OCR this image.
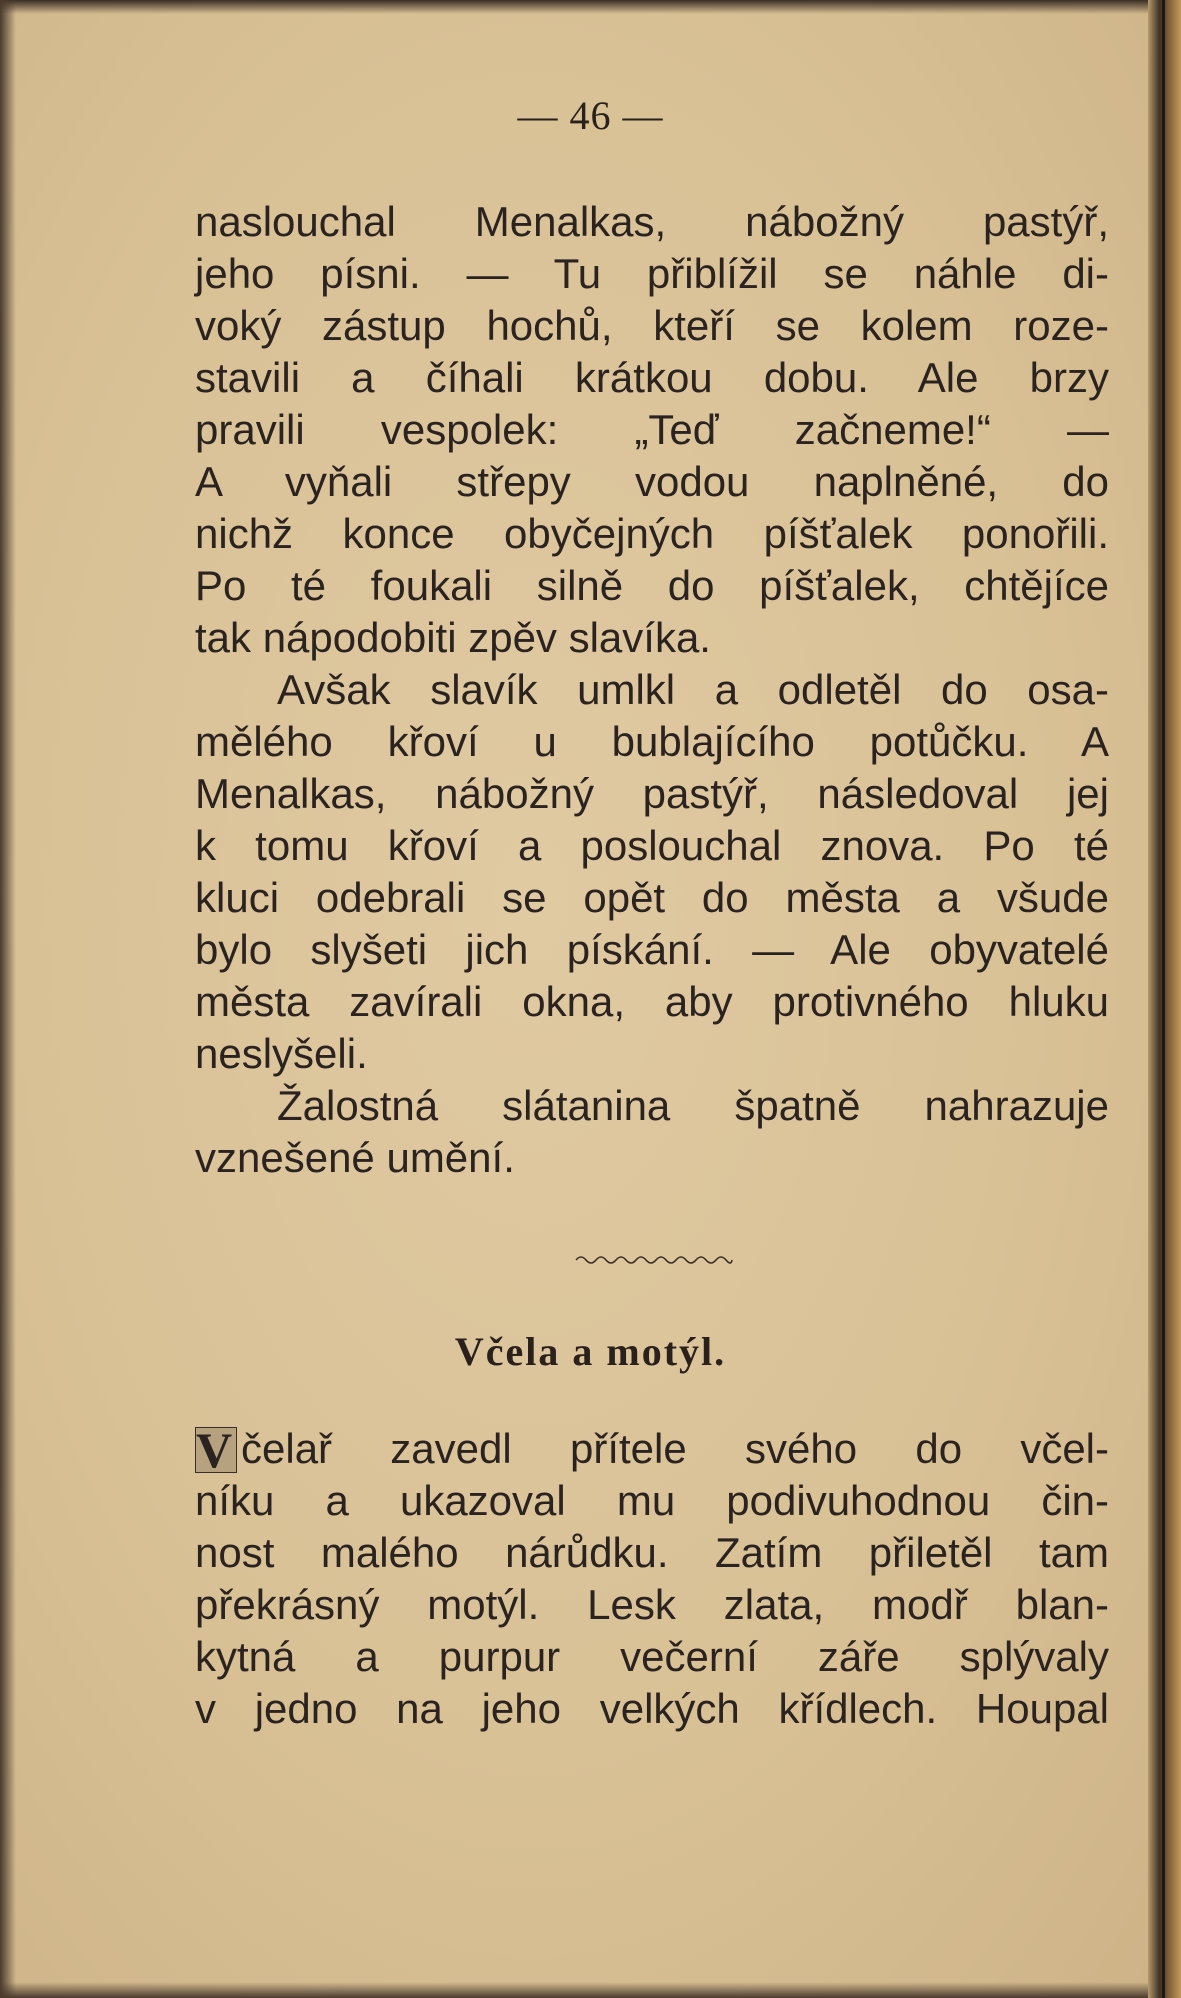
— 46 —
naslouchal Menalkas, nábožný pastýř,
jeho písni. — Tu přiblížil se náhle di-
voký zástup hochů, kteří se kolem roze-
stavili a číhali krátkou dobu. Ale brzy
pravili vespolek: „Teď začneme!“ —
A vyňali střepy vodou naplněné, do
nichž konce obyčejných píšťalek ponořili.
Po té foukali silně do píšťalek, chtějíce
tak nápodobiti zpěv slavíka.
Avšak slavík umlkl a odletěl do osa-
mělého křoví u bublajícího potůčku. A
Menalkas, nábožný pastýř, následoval jej
k tomu křoví a poslouchal znova. Po té
kluci odebrali se opět do města a všude
bylo slyšeti jich pískání. — Ale obyvatelé
města zavírali okna, aby protivného hluku
neslyšeli.
Žalostná slátanina špatně nahrazuje
vznešené umění.
Včela a motýl.
V čelař zavedl přítele svého do včel-
níku a ukazoval mu podivuhodnou čin-
nost malého nárůdku. Zatím přiletěl tam
překrásný motýl. Lesk zlata, modř blan-
kytná a purpur večerní záře splývaly
v jedno na jeho velkých křídlech. Houpal
